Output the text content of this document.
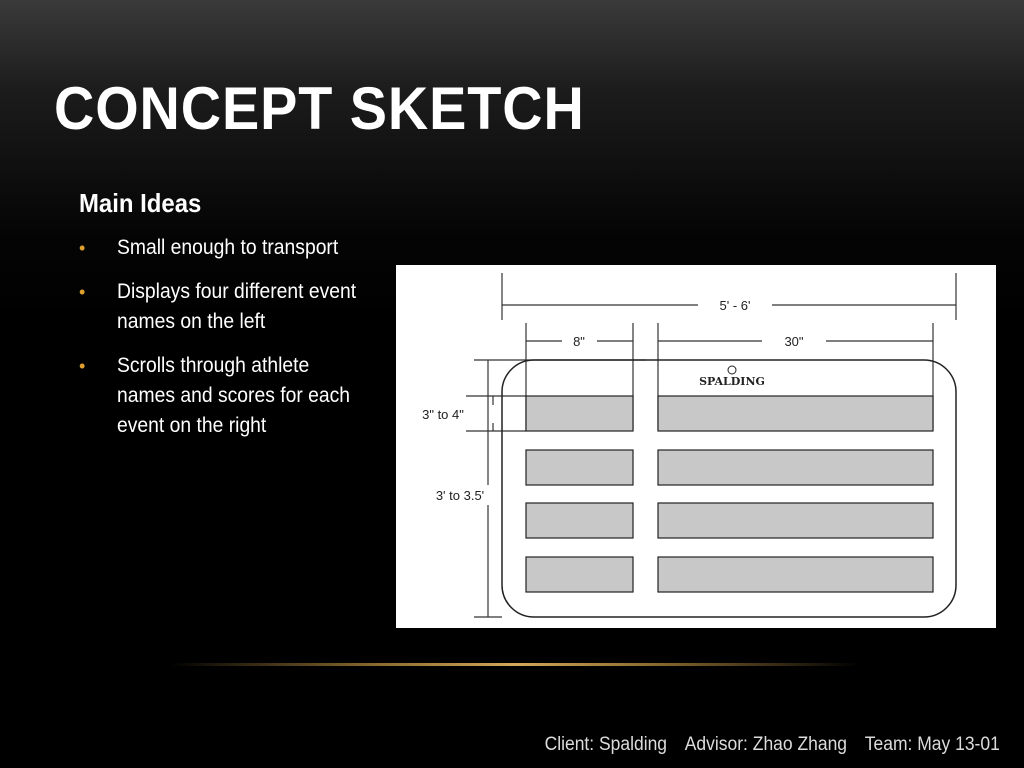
CONCEPT SKETCH
Main Ideas
• Small enough to transport
• Displays four different event names on the left
• Scrolls through athlete names and scores for each event on the right
SPALDING
5' - 6'
8"	30"
3" to 4"
3' to 3.5'
Client: Spalding Advisor: Zhao Zhang Team: May 13-01
